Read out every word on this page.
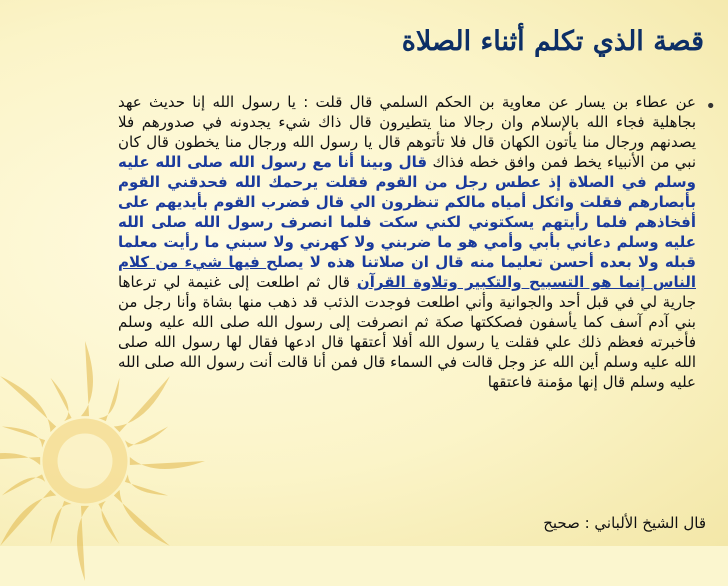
قصة الذي تكلم أثناء الصلاة
•

عن عطاء بن يسار عن معاوية بن الحكم السلمي قال قلت : يا رسول الله إنا حديث عهد بجاهلية فجاء الله بالإسلام وان رجالا منا يتطيرون قال ذاك شيء يجدونه في صدورهم فلا يصدنهم ورجال منا يأتون الكهان قال فلا تأتوهم قال يا رسول الله ورجال منا يخطون قال كان نبي من الأنبياء يخط فمن وافق خطه فذاك قال وبينا أنا مع رسول الله صلى الله عليه وسلم في الصلاة إذ عطس رجل من القوم فقلت يرحمك الله فحدقني القوم بأبصارهم فقلت واثكل أمياه مالكم تنظرون الي قال فضرب القوم بأيديهم على أفخاذهم فلما رأيتهم يسكتوني لكني سكت فلما انصرف رسول الله صلى الله عليه وسلم دعاني بأبي وأمي هو ما ضربني ولا كهرني ولا سبني ما رأيت معلما قبله ولا بعده أحسن تعليما منه قال ان صلاتنا هذه لا يصلح فيها شيء من كلام الناس إنما هو التسبيح والتكبير وتلاوة القرآن قال ثم اطلعت إلى غنيمة لي ترعاها جارية لي في قبل أحد والجوانية وأني اطلعت فوجدت الذئب قد ذهب منها بشاة وأنا رجل من بني آدم آسف كما يأسفون فصككتها صكة ثم انصرفت إلى رسول الله صلى الله عليه وسلم فأخبرته فعظم ذلك علي فقلت يا رسول الله أفلا أعتقها قال ادعها فقال لها رسول الله صلى الله عليه وسلم أين الله عز وجل قالت في السماء قال فمن أنا قالت أنت رسول الله صلى الله عليه وسلم قال إنها مؤمنة فاعتقها

قال الشيخ الألباني : صحيح
